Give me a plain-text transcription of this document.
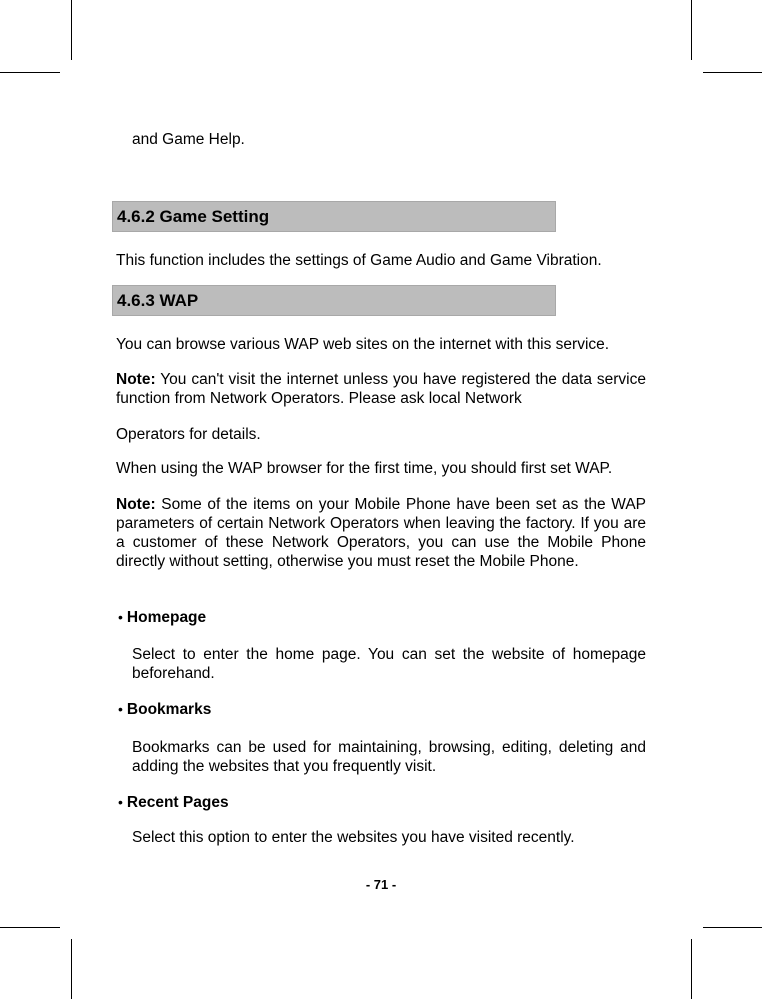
and Game Help.

4.6.2 Game Setting

This function includes the settings of Game Audio and Game Vibration.

4.6.3 WAP

You can browse various WAP web sites on the internet with this service.

Note: You can't visit the internet unless you have registered the data service function from Network Operators. Please ask local Network

Operators for details.

When using the WAP browser for the first time, you should first set WAP.

Note: Some of the items on your Mobile Phone have been set as the WAP parameters of certain Network Operators when leaving the factory. If you are a customer of these Network Operators, you can use the Mobile Phone directly without setting, otherwise you must reset the Mobile Phone.

• Homepage

Select to enter the home page. You can set the website of homepage beforehand.

• Bookmarks

Bookmarks can be used for maintaining, browsing, editing, deleting and adding the websites that you frequently visit.

• Recent Pages

Select this option to enter the websites you have visited recently.

- 71 -
